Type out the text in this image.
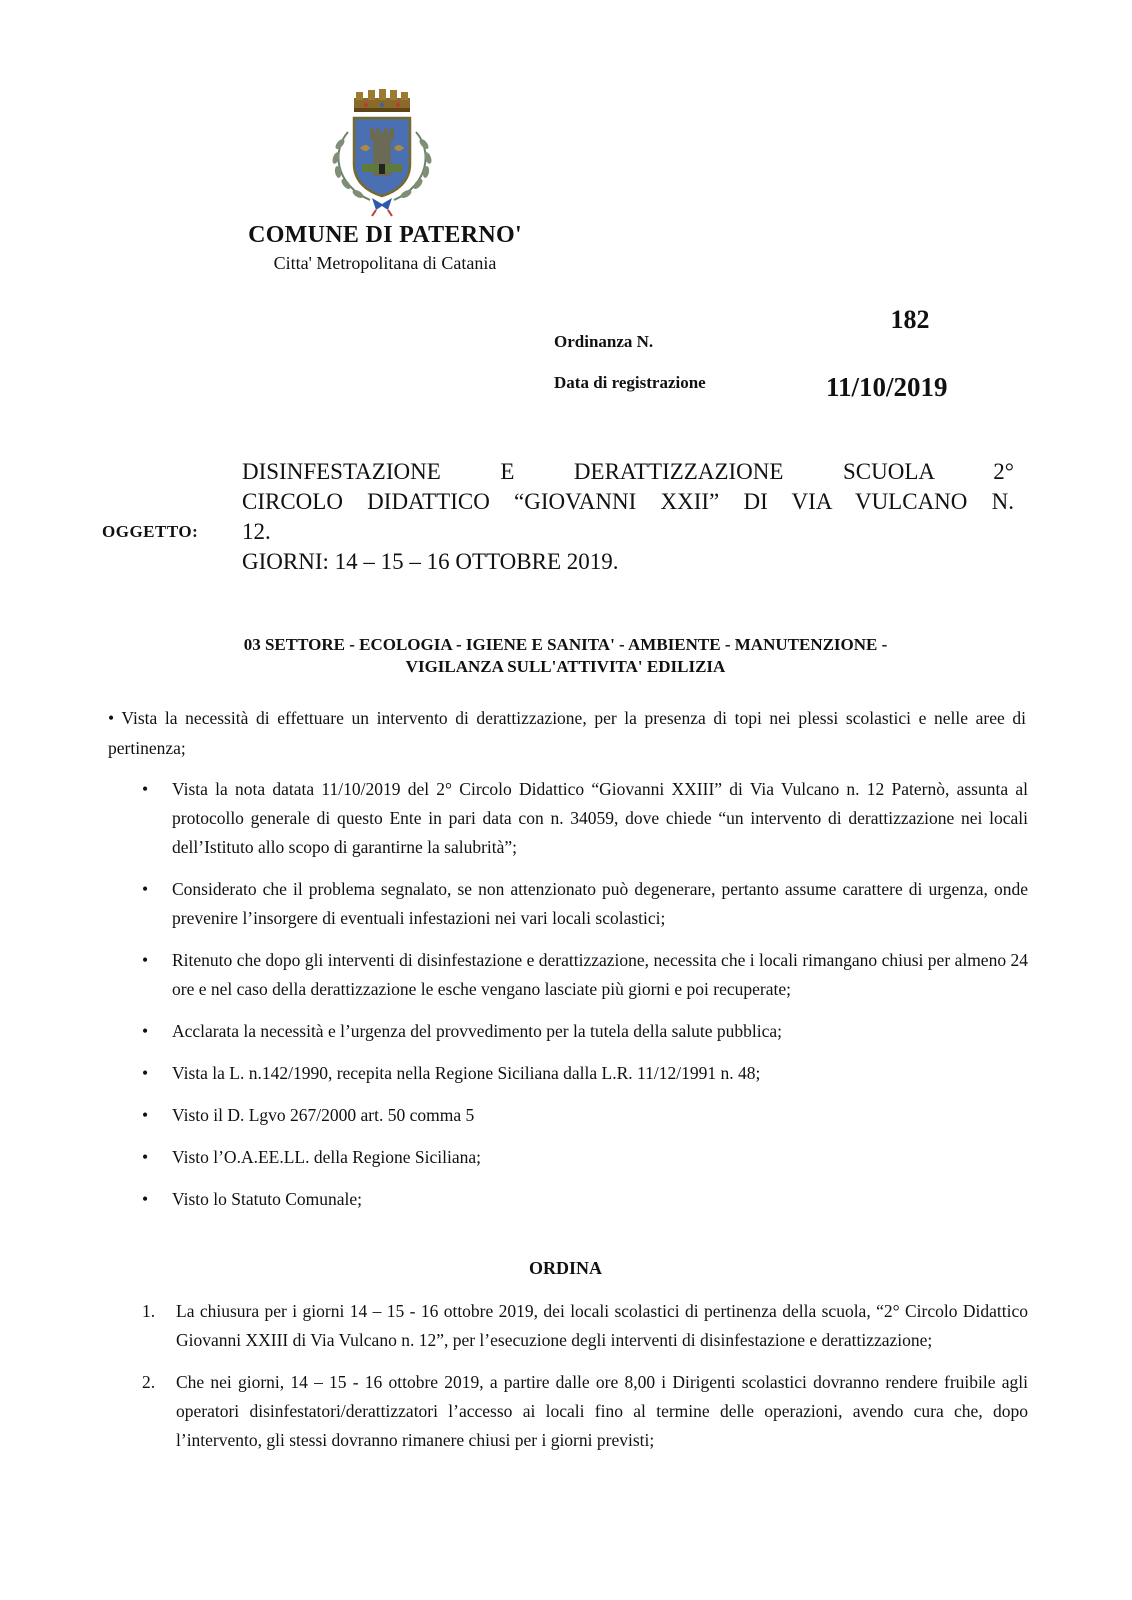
COMUNE DI PATERNO'
Citta' Metropolitana di Catania
Ordinanza N.
182
Data di registrazione	11/10/2019
OGGETTO:
DISINFESTAZIONE E DERATTIZZAZIONE SCUOLA 2°
CIRCOLO DIDATTICO “GIOVANNI XXII” DI VIA VULCANO N.
12.
GIORNI: 14 – 15 – 16 OTTOBRE 2019.
03 SETTORE - ECOLOGIA - IGIENE E SANITA' - AMBIENTE - MANUTENZIONE -
VIGILANZA SULL'ATTIVITA' EDILIZIA
• Vista la necessità di effettuare un intervento di derattizzazione, per la presenza di topi nei plessi scolastici e nelle aree di pertinenza;
• Vista la nota datata 11/10/2019 del 2° Circolo Didattico “Giovanni XXIII” di Via Vulcano n. 12 Paternò, assunta al protocollo generale di questo Ente in pari data con n. 34059, dove chiede “un intervento di derattizzazione nei locali dell’Istituto allo scopo di garantirne la salubrità”;
• Considerato che il problema segnalato, se non attenzionato può degenerare, pertanto assume carattere di urgenza, onde prevenire l’insorgere di eventuali infestazioni nei vari locali scolastici;
• Ritenuto che dopo gli interventi di disinfestazione e derattizzazione, necessita che i locali rimangano chiusi per almeno 24 ore e nel caso della derattizzazione le esche vengano lasciate più giorni e poi recuperate;
• Acclarata la necessità e l’urgenza del provvedimento per la tutela della salute pubblica;
• Vista la L. n.142/1990, recepita nella Regione Siciliana dalla L.R. 11/12/1991 n. 48;
• Visto il D. Lgvo 267/2000 art. 50 comma 5
• Visto l’O.A.EE.LL. della Regione Siciliana;
• Visto lo Statuto Comunale;
ORDINA
1. La chiusura per i giorni 14 – 15 - 16 ottobre 2019, dei locali scolastici di pertinenza della scuola, “2° Circolo Didattico Giovanni XXIII di Via Vulcano n. 12”, per l’esecuzione degli interventi di disinfestazione e derattizzazione;
2. Che nei giorni, 14 – 15 - 16 ottobre 2019, a partire dalle ore 8,00 i Dirigenti scolastici dovranno rendere fruibile agli operatori disinfestatori/derattizzatori l’accesso ai locali fino al termine delle operazioni, avendo cura che, dopo l’intervento, gli stessi dovranno rimanere chiusi per i giorni previsti;
